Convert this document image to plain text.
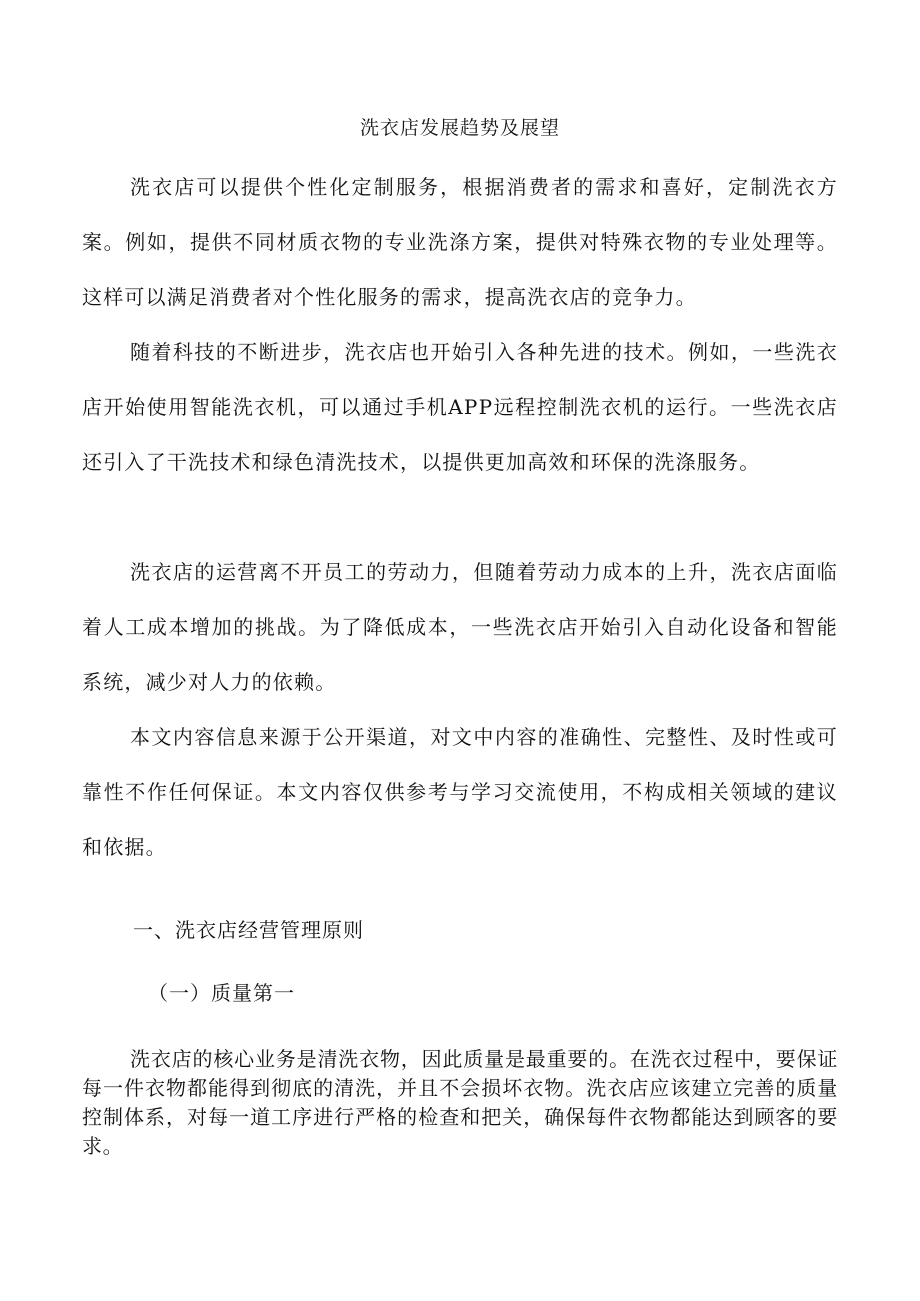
洗衣店发展趋势及展望

洗衣店可以提供个性化定制服务，根据消费者的需求和喜好，定制洗衣方案。例如，提供不同材质衣物的专业洗涤方案，提供对特殊衣物的专业处理等。这样可以满足消费者对个性化服务的需求，提高洗衣店的竞争力。

随着科技的不断进步，洗衣店也开始引入各种先进的技术。例如，一些洗衣店开始使用智能洗衣机，可以通过手机APP远程控制洗衣机的运行。一些洗衣店还引入了干洗技术和绿色清洗技术，以提供更加高效和环保的洗涤服务。

洗衣店的运营离不开员工的劳动力，但随着劳动力成本的上升，洗衣店面临着人工成本增加的挑战。为了降低成本，一些洗衣店开始引入自动化设备和智能系统，减少对人力的依赖。

本文内容信息来源于公开渠道，对文中内容的准确性、完整性、及时性或可靠性不作任何保证。本文内容仅供参考与学习交流使用，不构成相关领域的建议和依据。

一、洗衣店经营管理原则

（一）质量第一

洗衣店的核心业务是清洗衣物，因此质量是最重要的。在洗衣过程中，要保证每一件衣物都能得到彻底的清洗，并且不会损坏衣物。洗衣店应该建立完善的质量控制体系，对每一道工序进行严格的检查和把关，确保每件衣物都能达到顾客的要求。
